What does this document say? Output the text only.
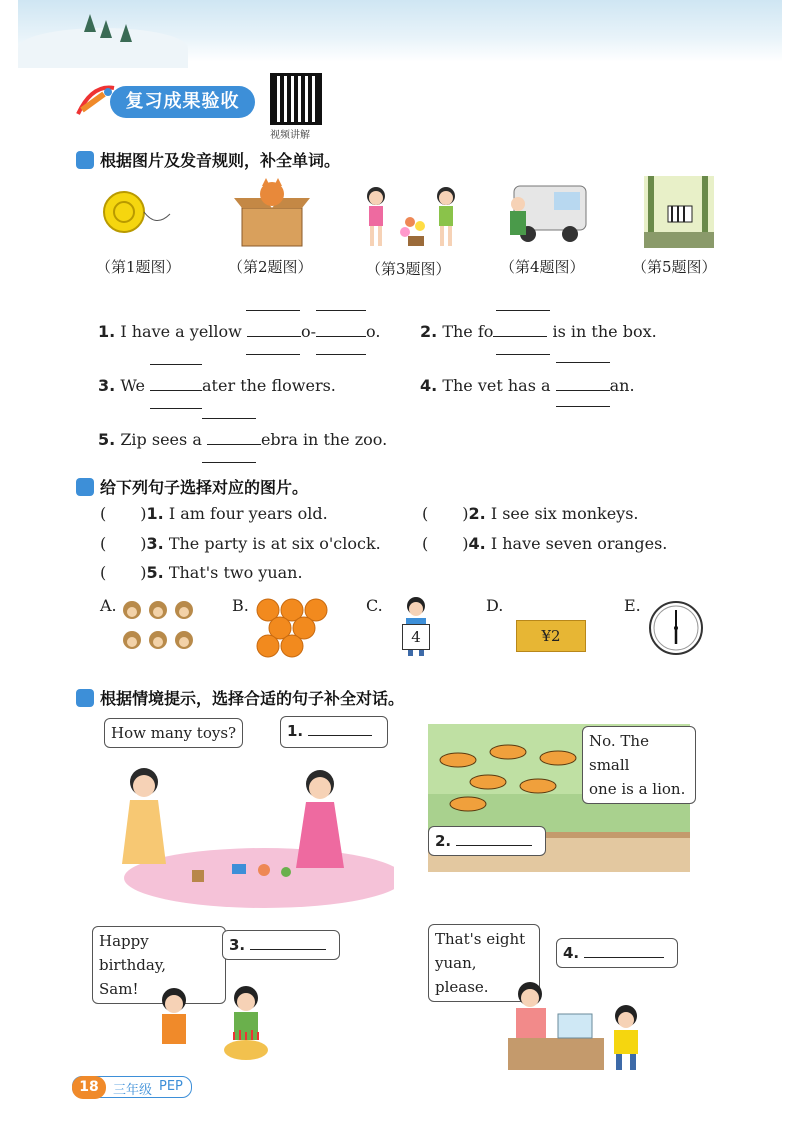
复习成果验收
视频讲解
根据图片及发音规则，补全单词。
（第1题图）	（第2题图）	（第3题图）	（第4题图）	（第5题图）
1. I have a yellow	o-	o. 2. The fo	is in the box.
3. We	ater the flowers.	4. The vet has a	an.
5. Zip sees a	ebra in the zoo.
给下列句子选择对应的图片。
( )1. I am four years old.	( )2. I see six monkeys.
( )3. The party is at six o'clock.	( )4. I have seven oranges.
( )5. That's two yuan.
A.	B.	C.
4
D.
¥2
E.
根据情境提示，选择合适的句子补全对话。
How many toys?	1.
No. The small
one is a lion.
2.
Happy birthday,
Sam!
3.	That's eight
yuan, please.
4.
三年级 PEP
18
